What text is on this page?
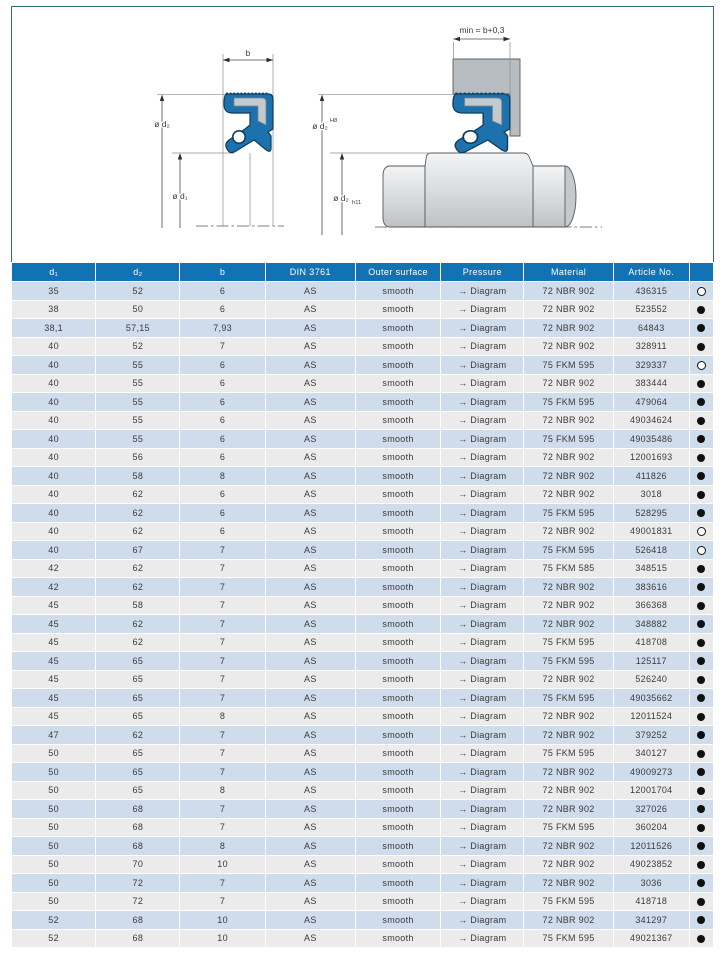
b
ø d₂
ø d₁
min = b+0,3
ø d₂ H8
ø d₂ h11
d₁	d₂	b	DIN 3761	Outer surface	Pressure	Material	Article No.	
35	52	6	AS	smooth	→ Diagram	72 NBR 902	436315	
38	50	6	AS	smooth	→ Diagram	72 NBR 902	523552	
38,1	57,15	7,93	AS	smooth	→ Diagram	72 NBR 902	64843	
40	52	7	AS	smooth	→ Diagram	72 NBR 902	328911	
40	55	6	AS	smooth	→ Diagram	75 FKM 595	329337	
40	55	6	AS	smooth	→ Diagram	72 NBR 902	383444	
40	55	6	AS	smooth	→ Diagram	75 FKM 595	479064	
40	55	6	AS	smooth	→ Diagram	72 NBR 902	49034624	
40	55	6	AS	smooth	→ Diagram	75 FKM 595	49035486	
40	56	6	AS	smooth	→ Diagram	72 NBR 902	12001693	
40	58	8	AS	smooth	→ Diagram	72 NBR 902	411826	
40	62	6	AS	smooth	→ Diagram	72 NBR 902	3018	
40	62	6	AS	smooth	→ Diagram	75 FKM 595	528295	
40	62	6	AS	smooth	→ Diagram	72 NBR 902	49001831	
40	67	7	AS	smooth	→ Diagram	75 FKM 595	526418	
42	62	7	AS	smooth	→ Diagram	75 FKM 585	348515	
42	62	7	AS	smooth	→ Diagram	72 NBR 902	383616	
45	58	7	AS	smooth	→ Diagram	72 NBR 902	366368	
45	62	7	AS	smooth	→ Diagram	72 NBR 902	348882	
45	62	7	AS	smooth	→ Diagram	75 FKM 595	418708	
45	65	7	AS	smooth	→ Diagram	75 FKM 595	125117	
45	65	7	AS	smooth	→ Diagram	72 NBR 902	526240	
45	65	7	AS	smooth	→ Diagram	75 FKM 595	49035662	
45	65	8	AS	smooth	→ Diagram	72 NBR 902	12011524	
47	62	7	AS	smooth	→ Diagram	72 NBR 902	379252	
50	65	7	AS	smooth	→ Diagram	75 FKM 595	340127	
50	65	7	AS	smooth	→ Diagram	72 NBR 902	49009273	
50	65	8	AS	smooth	→ Diagram	72 NBR 902	12001704	
50	68	7	AS	smooth	→ Diagram	72 NBR 902	327026	
50	68	7	AS	smooth	→ Diagram	75 FKM 595	360204	
50	68	8	AS	smooth	→ Diagram	72 NBR 902	12011526	
50	70	10	AS	smooth	→ Diagram	72 NBR 902	49023852	
50	72	7	AS	smooth	→ Diagram	72 NBR 902	3036	
50	72	7	AS	smooth	→ Diagram	75 FKM 595	418718	
52	68	10	AS	smooth	→ Diagram	72 NBR 902	341297	
52	68	10	AS	smooth	→ Diagram	75 FKM 595	49021367	
